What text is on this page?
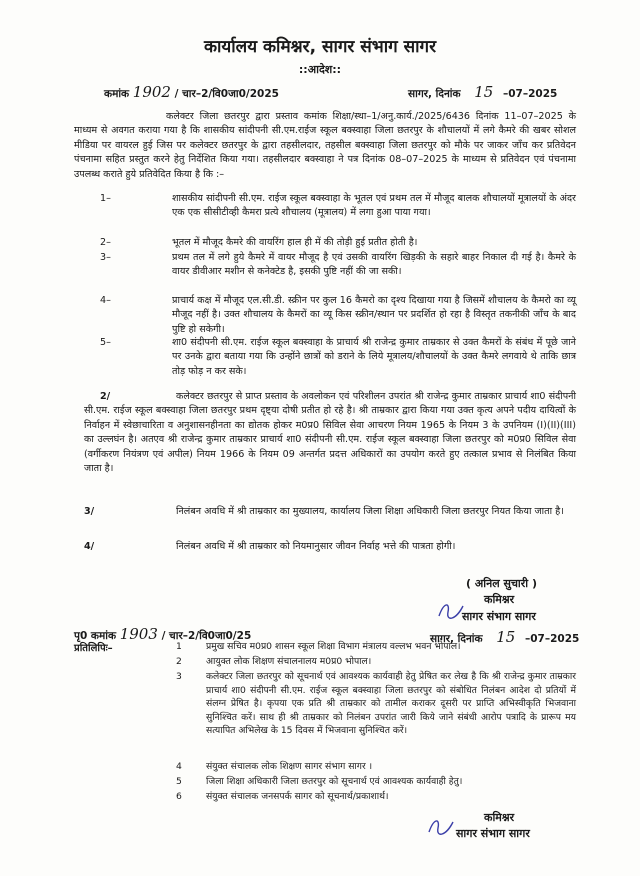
कार्यालय कमिश्नर, सागर संभाग सागर
::आदेश::
कमांक 1902 / चार–2/वि0जा0/2025	सागर, दिनांक 15 –07–2025
कलेक्टर जिला छतरपुर द्वारा प्रस्ताव कमांक शिक्षा/स्था–1/अनु.कार्य./2025/6436 दिनांक 11–07–2025 के माध्यम से अवगत कराया गया है कि शासकीय सांदीपनी सी.एम.राईज स्कूल बक्स्वाहा जिला छतरपुर के शौचालयों में लगे कैमरे की खबर सोशल मीडिया पर वायरल हुई जिस पर कलेक्टर छतरपुर के द्वारा तहसीलदार, तहसील बक्स्वाहा जिला छतरपुर को मौके पर जाकर जाँच कर प्रतिवेदन पंचनामा सहित प्रस्तुत करने हेतु निर्देशित किया गया। तहसीलदार बक्स्वाहा ने पत्र दिनांक 08–07–2025 के माध्यम से प्रतिवेदन एवं पंचनामा उपलब्ध कराते हुये प्रतिवेदित किया है कि :–
1–	शासकीय सांदीपनी सी.एम. राईज स्कूल बक्स्वाहा के भूतल एवं प्रथम तल में मौजूद बालक शौचालयों मूत्रालयों के अंदर एक एक सीसीटीव्ही कैमरा प्रत्ये शौचालय (मूत्रालय) में लगा हुआ पाया गया।
2–	भूतल में मौजूद कैमरे की वायरिंग हाल ही में की तोड़ी हुई प्रतीत होती है।
3–	प्रथम तल में लगे हुये कैमरे में वायर मौजूद है एवं उसकी वायरिंग खिड़की के सहारे बाहर निकाल दी गई है। कैमरे के वायर डीवीआर मशीन से कनेक्टेड है, इसकी पुष्टि नहीं की जा सकी।
4–	प्राचार्य कक्ष में मौजूद एल.सी.डी. स्क्रीन पर कुल 16 कैमरो का दृश्य दिखाया गया है जिसमें शौचालय के कैमरो का व्यू मौजूद नहीं है। उक्त शौचालय के कैमरों का व्यू किस स्क्रीन/स्थान पर प्रदर्शित हो रहा है विस्तृत तकनीकी जाँच के बाद पुष्टि हो सकेगी।
5–	शा0 संदीपनी सी.एम. राईज स्कूल बक्स्वाहा के प्राचार्य श्री राजेन्द्र कुमार ताम्रकार से उक्त कैमरों के संबंध में पूछे जाने पर उनके द्वारा बताया गया कि उन्होंने छात्रों को डराने के लिये मूत्रालय/शौचालयों के उक्त कैमरे लगवाये थे ताकि छात्र तोड़ फोड़ न कर सके।
2/	कलेक्टर छतरपुर से प्राप्त प्रस्ताव के अवलोकन एवं परिशीलन उपरांत श्री राजेन्द्र कुमार ताम्रकार प्राचार्य शा0 संदीपनी सी.एम. राईज स्कूल बक्स्वाहा जिला छतरपुर प्रथम दृष्ट्या दोषी प्रतीत हो रहे है। श्री ताम्रकार द्वारा किया गया उक्त कृत्य अपने पदीय दायित्वों के निर्वाहन में स्वेछाचारिता व अनुशासनहीनता का द्योतक होकर म0प्र0 सिविल सेवा आचरण नियम 1965 के नियम 3 के उपनियम (I)(II)(III) का उल्लघंन है। अतएव श्री राजेन्द्र कुमार ताम्रकार प्राचार्य शा0 संदीपनी सी.एम. राईज स्कूल बक्स्वाहा जिला छतरपुर को म0प्र0 सिविल सेवा (वर्गीकरण नियंत्रण एवं अपील) नियम 1966 के नियम 09 अन्तर्गत प्रदत्त अधिकारों का उपयोग करते हुए तत्काल प्रभाव से निलंबित किया जाता है।
3/	निलंबन अवधि में श्री ताम्रकार का मुख्यालय, कार्यालय जिला शिक्षा अधिकारी जिला छतरपुर नियत किया जाता है।
4/	निलंबन अवधि में श्री ताम्रकार को नियमानुसार जीवन निर्वाह भत्ते की पात्रता होगी।
( अनिल सुचारी )
कमिश्नर
सागर संभाग सागर
पृ0 कमांक 1903 / चार–2/वि0जा0/25	सागर, दिनांक 15 –07–2025
प्रतिलिपिः–	1	प्रमुख सचिव म0प्र0 शासन स्कूल शिक्षा विभाग मंत्रालय वल्लभ भवन भोपाल।
2	आयुक्त लोक शिक्षण संचालनालय म0प्र0 भोपाल।
3	कलेक्टर जिला छतरपुर को सूचनार्थ एवं आवश्यक कार्यवाही हेतु प्रेषित कर लेख है कि श्री राजेन्द्र कुमार ताम्रकार प्राचार्य शा0 संदीपनी सी.एम. राईज स्कूल बक्स्वाहा जिला छतरपुर को संबोधित निलंबन आदेश दो प्रतियों में संलग्न प्रेषित है। कृपया एक प्रति श्री ताम्रकार को तामील कराकर दूसरी पर प्राप्ति अभिस्वीकृति भिजवाना सुनिश्चित करें। साथ ही श्री ताम्रकार को निलंबन उपरांत जारी किये जाने संबंधी आरोप पत्रादि के प्रारूप मय सत्यापित अभिलेख के 15 दिवस में भिजवाना सुनिश्चित करें।
4	संयुक्त संचालक लोक शिक्षण सागर संभाग सागर ।
5	जिला शिक्षा अधिकारी जिला छतरपुर को सूचनार्थ एवं आवश्यक कार्यवाही हेतु।
6	संयुक्त संचालक जनसपर्क सागर को सूचनार्थ/प्रकाशार्थ।
कमिश्नर
सागर संभाग सागर
